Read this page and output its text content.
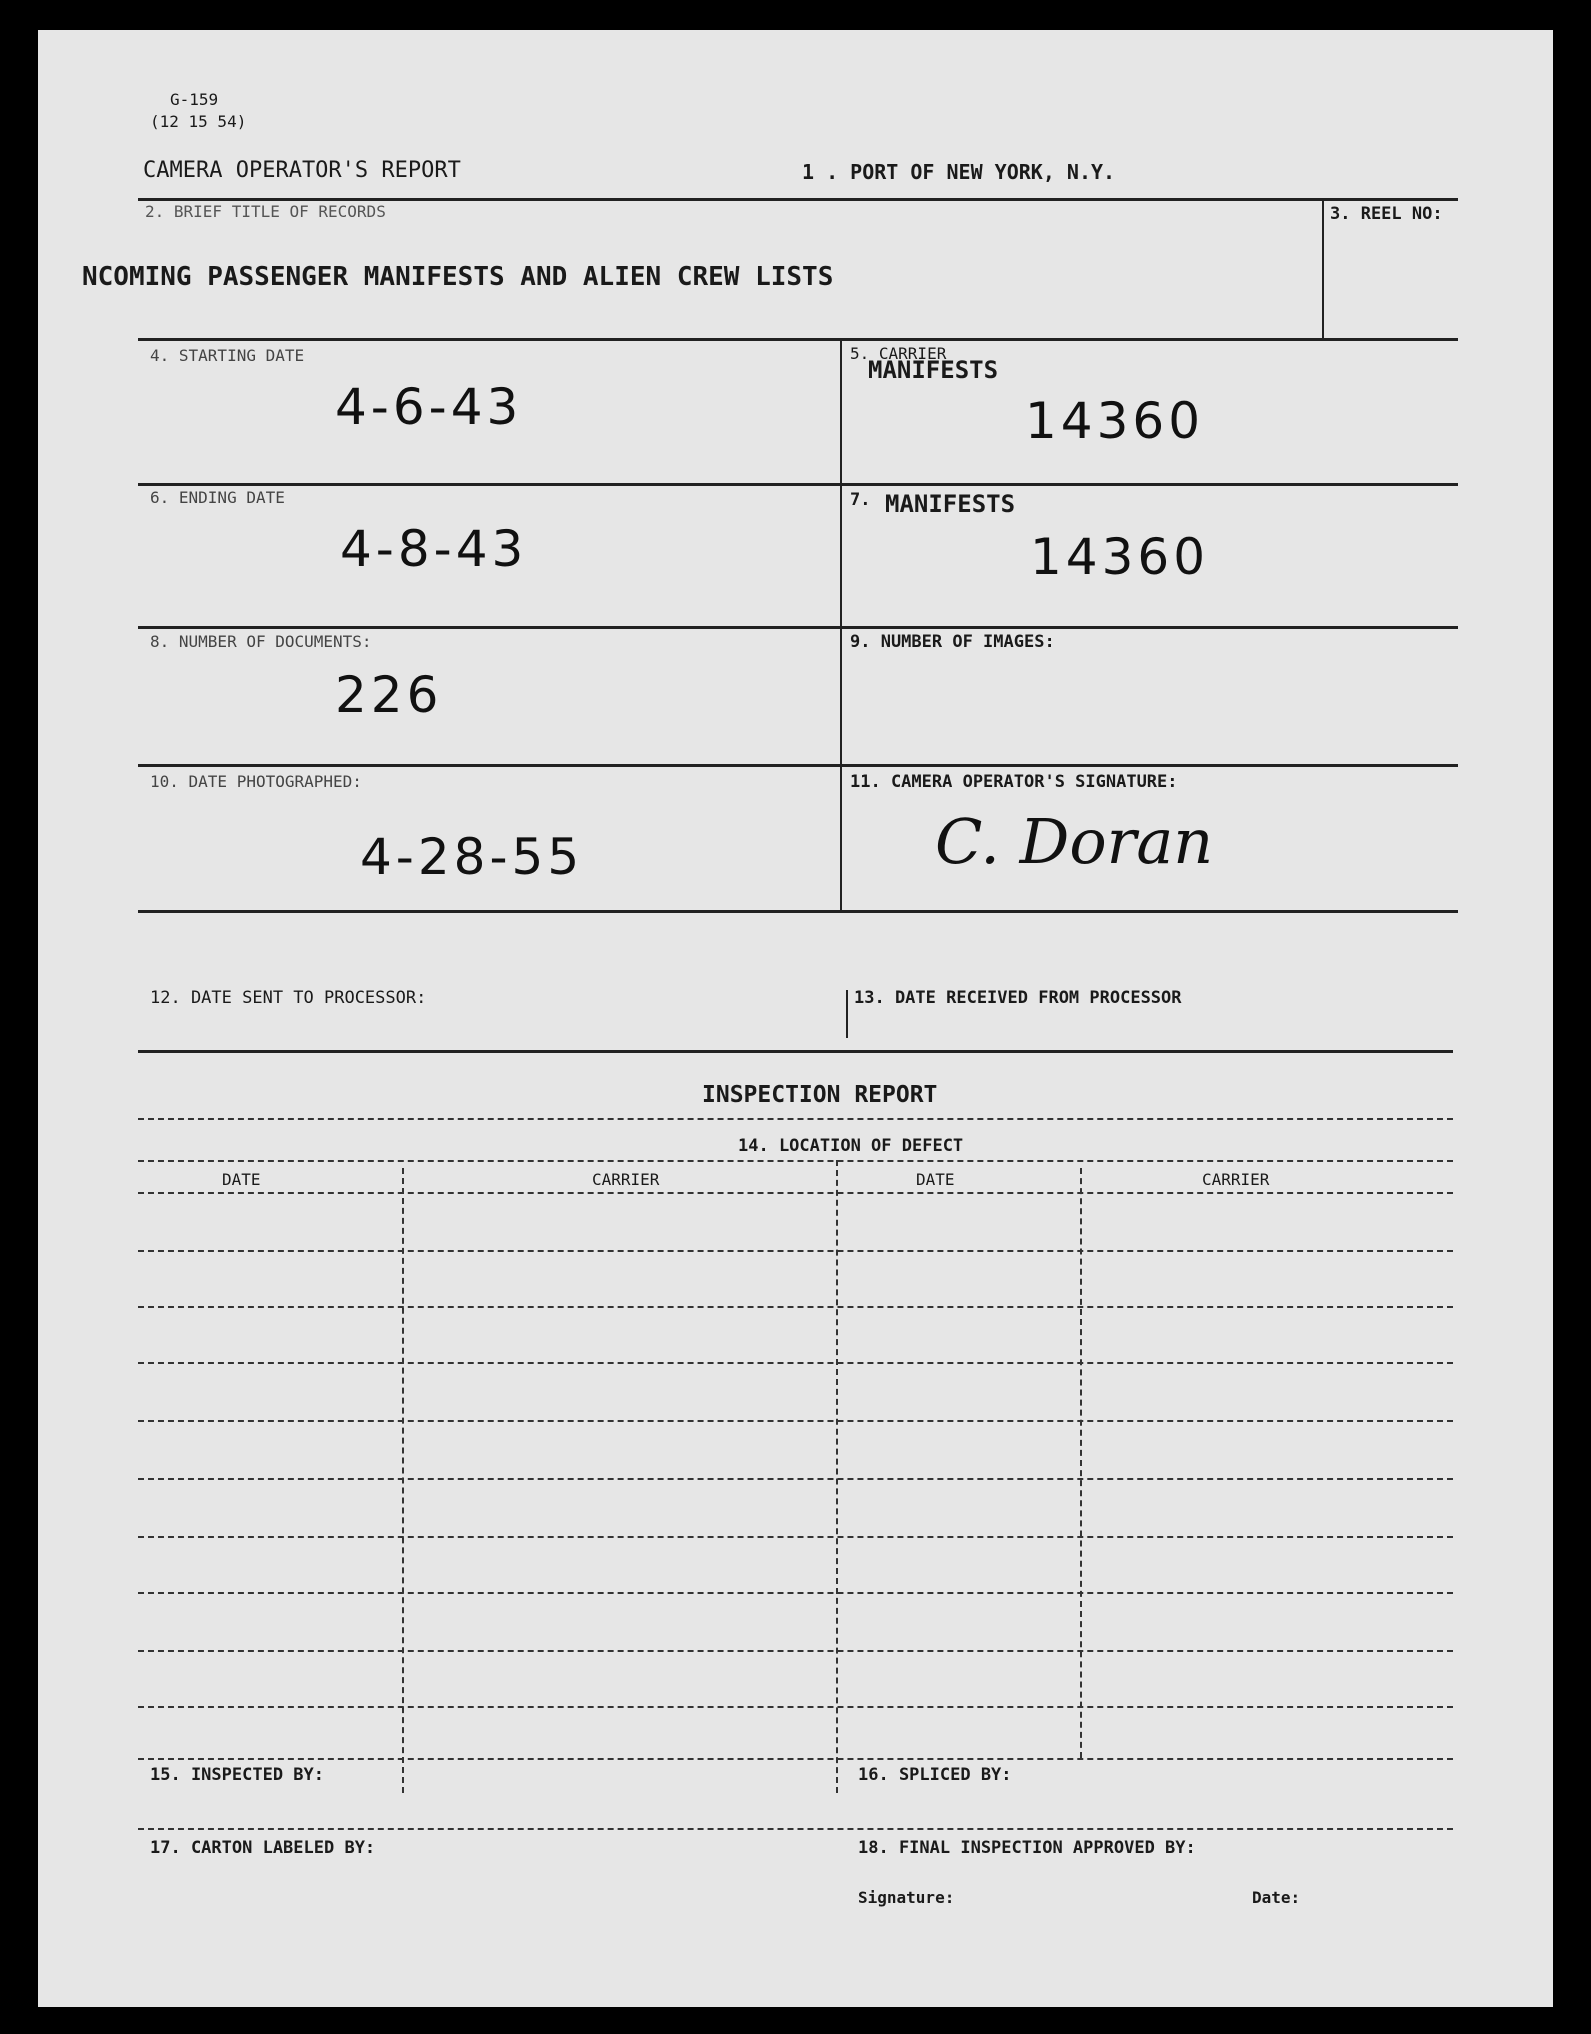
G-159
(12 15 54)
CAMERA OPERATOR'S REPORT	1 . PORT OF NEW YORK, N.Y.
2. BRIEF TITLE OF RECORDS
NCOMING PASSENGER MANIFESTS AND ALIEN CREW LISTS
3. REEL NO:
4. STARTING DATE
4-6-43
5. CARRIER
MANIFESTS
14360
6. ENDING DATE
4-8-43
7. MANIFESTS
14360
8. NUMBER OF DOCUMENTS:
226
9. NUMBER OF IMAGES:
10. DATE PHOTOGRAPHED:
4-28-55
11. CAMERA OPERATOR'S SIGNATURE:
C. Doran
12. DATE SENT TO PROCESSOR:	13. DATE RECEIVED FROM PROCESSOR
INSPECTION REPORT
14. LOCATION OF DEFECT
DATE	CARRIER	DATE	CARRIER
15. INSPECTED BY:	16. SPLICED BY:
17. CARTON LABELED BY:	18. FINAL INSPECTION APPROVED BY:
Signature:	Date:
